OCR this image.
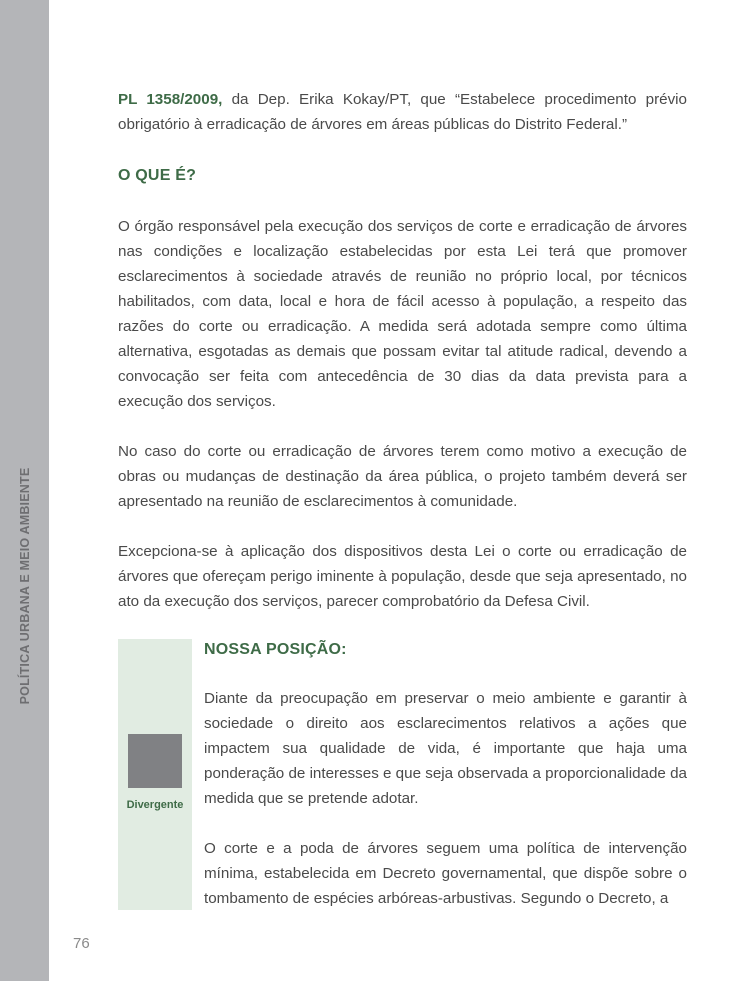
POLÍTICA URBANA E MEIO AMBIENTE

PL 1358/2009, da Dep. Erika Kokay/PT, que “Estabelece procedimento prévio obrigatório à erradicação de árvores em áreas públicas do Distrito Federal.”

O QUE É?

O órgão responsável pela execução dos serviços de corte e erradicação de árvores nas condições e localização estabelecidas por esta Lei terá que promover esclarecimentos à sociedade através de reunião no próprio local, por técnicos habilitados, com data, local e hora de fácil acesso à população, a respeito das razões do corte ou erradicação. A medida será adotada sempre como última alternativa, esgotadas as demais que possam evitar tal atitude radical, devendo a convocação ser feita com antecedência de 30 dias da data prevista para a execução dos serviços.

No caso do corte ou erradicação de árvores terem como motivo a execução de obras ou mudanças de destinação da área pública, o projeto também deverá ser apresentado na reunião de esclarecimentos à comunidade.

Excepciona-se à aplicação dos dispositivos desta Lei o corte ou erradicação de árvores que ofereçam perigo iminente à população, desde que seja apresentado, no ato da execução dos serviços, parecer comprobatório da Defesa Civil.

Divergente
NOSSA POSIÇÃO:

Diante da preocupação em preservar o meio ambiente e garantir à sociedade o direito aos esclarecimentos relativos a ações que impactem sua qualidade de vida, é importante que haja uma ponderação de interesses e que seja observada a proporcionalidade da medida que se pretende adotar.

O corte e a poda de árvores seguem uma política de intervenção mínima, estabelecida em Decreto governamental, que dispõe sobre o tombamento de espécies arbóreas-arbustivas. Segundo o Decreto, a

76
